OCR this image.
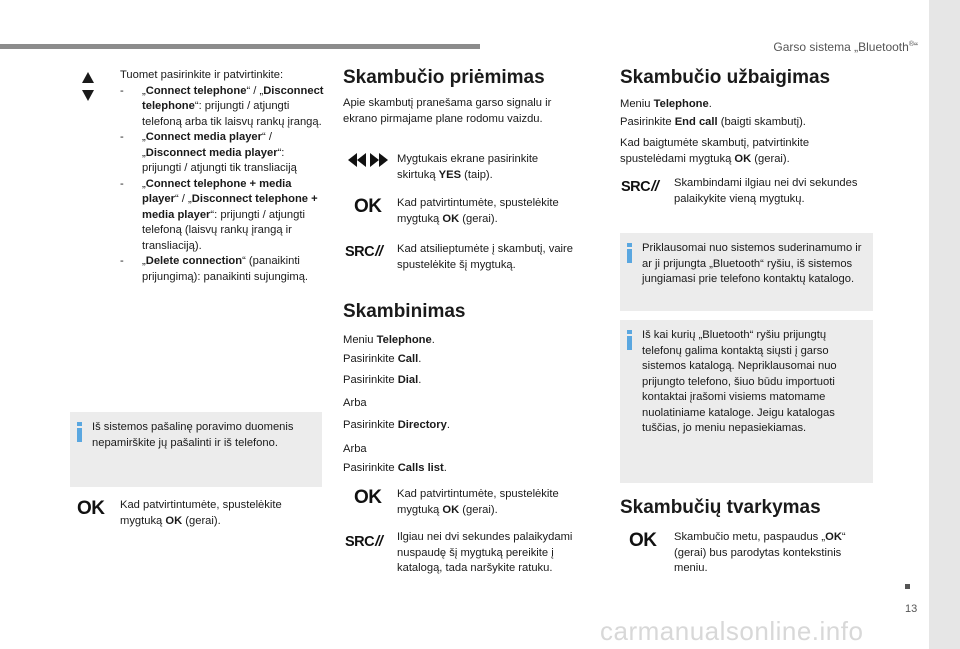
Garso sistema „Bluetooth®“
13

Tuomet pasirinkite ir patvirtinkite:

-	„Connect telephone“ / „Disconnect telephone“: prijungti / atjungti telefoną arba tik laisvų rankų įrangą.
-	„Connect media player“ / „Disconnect media player“: prijungti / atjungti tik transliaciją
-	„Connect telephone + media player“ / „Disconnect telephone + media player“: prijungti / atjungti telefoną (laisvų rankų įrangą ir transliaciją).
-	„Delete connection“ (panaikinti prijungimą): panaikinti sujungimą.

Iš sistemos pašalinę poravimo duomenis nepamirškite jų pašalinti ir iš telefono.

OK Kad patvirtintumėte, spustelėkite mygtuką OK (gerai).

Skambučio priėmimas

Apie skambutį pranešama garso signalu ir ekrano pirmajame plane rodomu vaizdu.

Mygtukais ekrane pasirinkite skirtuką YES (taip).

OK Kad patvirtintumėte, spustelėkite mygtuką OK (gerai).

SRC// Kad atsilieptumėte į skambutį, vaire spustelėkite šį mygtuką.

Skambinimas

Meniu Telephone.

Pasirinkite Call.

Pasirinkite Dial.

Arba

Pasirinkite Directory.

Arba

Pasirinkite Calls list.

OK Kad patvirtintumėte, spustelėkite mygtuką OK (gerai).

SRC// Ilgiau nei dvi sekundes palaikydami nuspaudę šį mygtuką pereikite į katalogą, tada naršykite ratuku.

Skambučio užbaigimas

Meniu Telephone.

Pasirinkite End call (baigti skambutį).

Kad baigtumėte skambutį, patvirtinkite spustelėdami mygtuką OK (gerai).

SRC// Skambindami ilgiau nei dvi sekundes palaikykite vieną mygtukų.

Priklausomai nuo sistemos suderinamumo ir ar ji prijungta „Bluetooth“ ryšiu, iš sistemos jungiamasi prie telefono kontaktų katalogo.

Iš kai kurių „Bluetooth“ ryšiu prijungtų telefonų galima kontaktą siųsti į garso sistemos katalogą. Nepriklausomai nuo prijungto telefono, šiuo būdu importuoti kontaktai įrašomi visiems matomame nuolatiniame kataloge. Jeigu katalogas tuščias, jo meniu nepasiekiamas.

Skambučių tvarkymas
OK Skambučio metu, paspaudus „OK“ (gerai) bus parodytas kontekstinis meniu.

carmanualsonline.info
